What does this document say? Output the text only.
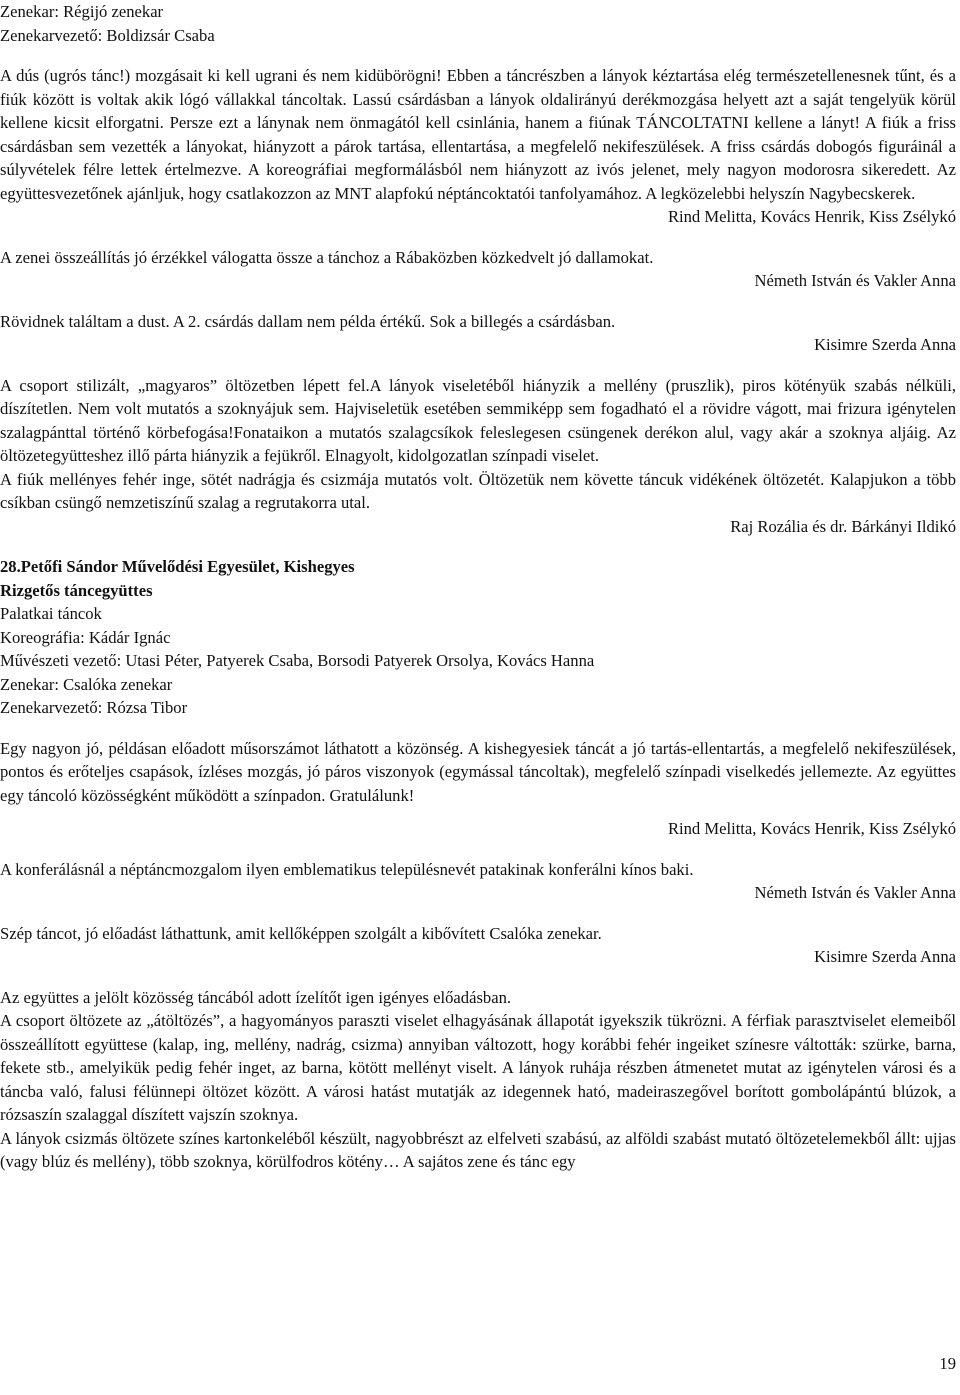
Zenekar: Régijó zenekar
Zenekarvezető: Boldizsár Csaba

A dús (ugrós tánc!) mozgásait ki kell ugrani és nem kidübörögni! Ebben a táncrészben a lányok kéztartása elég természetellenesnek tűnt, és a fiúk között is voltak akik lógó vállakkal táncoltak. Lassú csárdásban a lányok oldalirányú derékmozgása helyett azt a saját tengelyük körül kellene kicsit elforgatni. Persze ezt a lánynak nem önmagától kell csinlánia, hanem a fiúnak TÁNCOLTATNI kellene a lányt! A fiúk a friss csárdásban sem vezették a lányokat, hiányzott a párok tartása, ellentartása, a megfelelő nekifeszülések. A friss csárdás dobogós figuráinál a súlyvételek félre lettek értelmezve. A koreográfiai megformálásból nem hiányzott az ivós jelenet, mely nagyon modorosra sikeredett. Az együttesvezetőnek ajánljuk, hogy csatlakozzon az MNT alapfokú néptáncoktatói tanfolyamához. A legközelebbi helyszín Nagybecskerek.

Rind Melitta, Kovács Henrik, Kiss Zsélykó

A zenei összeállítás jó érzékkel válogatta össze a tánchoz a Rábaközben közkedvelt jó dallamokat.

Németh István és Vakler Anna

Rövidnek találtam a dust. A 2. csárdás dallam nem példa értékű. Sok a billegés a csárdásban.

Kisimre Szerda Anna

A csoport stilizált, „magyaros” öltözetben lépett fel.A lányok viseletéből hiányzik a mellény (pruszlik), piros kötényük szabás nélküli, díszítetlen. Nem volt mutatós a szoknyájuk sem. Hajviseletük esetében semmiképp sem fogadható el a rövidre vágott, mai frizura igénytelen szalagpánttal történő körbefogása!Fonataikon a mutatós szalagcsíkok feleslegesen csüngenek derékon alul, vagy akár a szoknya aljáig. Az öltözetegyütteshez illő párta hiányzik a fejükről. Elnagyolt, kidolgozatlan színpadi viselet.

A fiúk mellényes fehér inge, sötét nadrágja és csizmája mutatós volt. Öltözetük nem követte táncuk vidékének öltözetét. Kalapjukon a több csíkban csüngő nemzetiszínű szalag a regrutakorra utal.

Raj Rozália és dr. Bárkányi Ildikó

28.Petőfi Sándor Művelődési Egyesület, Kishegyes
Rizgetős táncegyüttes
Palatkai táncok
Koreográfia: Kádár Ignác
Művészeti vezető: Utasi Péter, Patyerek Csaba, Borsodi Patyerek Orsolya, Kovács Hanna
Zenekar: Csalóka zenekar
Zenekarvezető: Rózsa Tibor

Egy nagyon jó, példásan előadott műsorszámot láthatott a közönség. A kishegyesiek táncát a jó tartás-ellentartás, a megfelelő nekifeszülések, pontos és erőteljes csapások, ízléses mozgás, jó páros viszonyok (egymással táncoltak), megfelelő színpadi viselkedés jellemezte. Az együttes egy táncoló közösségként működött a színpadon. Gratulálunk!

Rind Melitta, Kovács Henrik, Kiss Zsélykó

A konferálásnál a néptáncmozgalom ilyen emblematikus településnevét patakinak konferálni kínos baki.

Németh István és Vakler Anna

Szép táncot, jó előadást láthattunk, amit kellőképpen szolgált a kibővített Csalóka zenekar.

Kisimre Szerda Anna

Az együttes a jelölt közösség táncából adott ízelítőt igen igényes előadásban.

A csoport öltözete az „átöltözés”, a hagyományos paraszti viselet elhagyásának állapotát igyekszik tükrözni. A férfiak parasztviselet elemeiből összeállított együttese (kalap, ing, mellény, nadrág, csizma) annyiban változott, hogy korábbi fehér ingeiket színesre váltották: szürke, barna, fekete stb., amelyikük pedig fehér inget, az barna, kötött mellényt viselt. A lányok ruhája részben átmenetet mutat az igénytelen városi és a táncba való, falusi félünnepi öltözet között. A városi hatást mutatják az idegennek ható, madeiraszegővel borított gombolápántú blúzok, a rózsaszín szalaggal díszített vajszín szoknya.

A lányok csizmás öltözete színes kartonkeléből készült, nagyobbrészt az elfelveti szabású, az alföldi szabást mutató öltözetelemekből állt: ujjas (vagy blúz és mellény), több szoknya, körülfodros kötény… A sajátos zene és tánc egy

19
